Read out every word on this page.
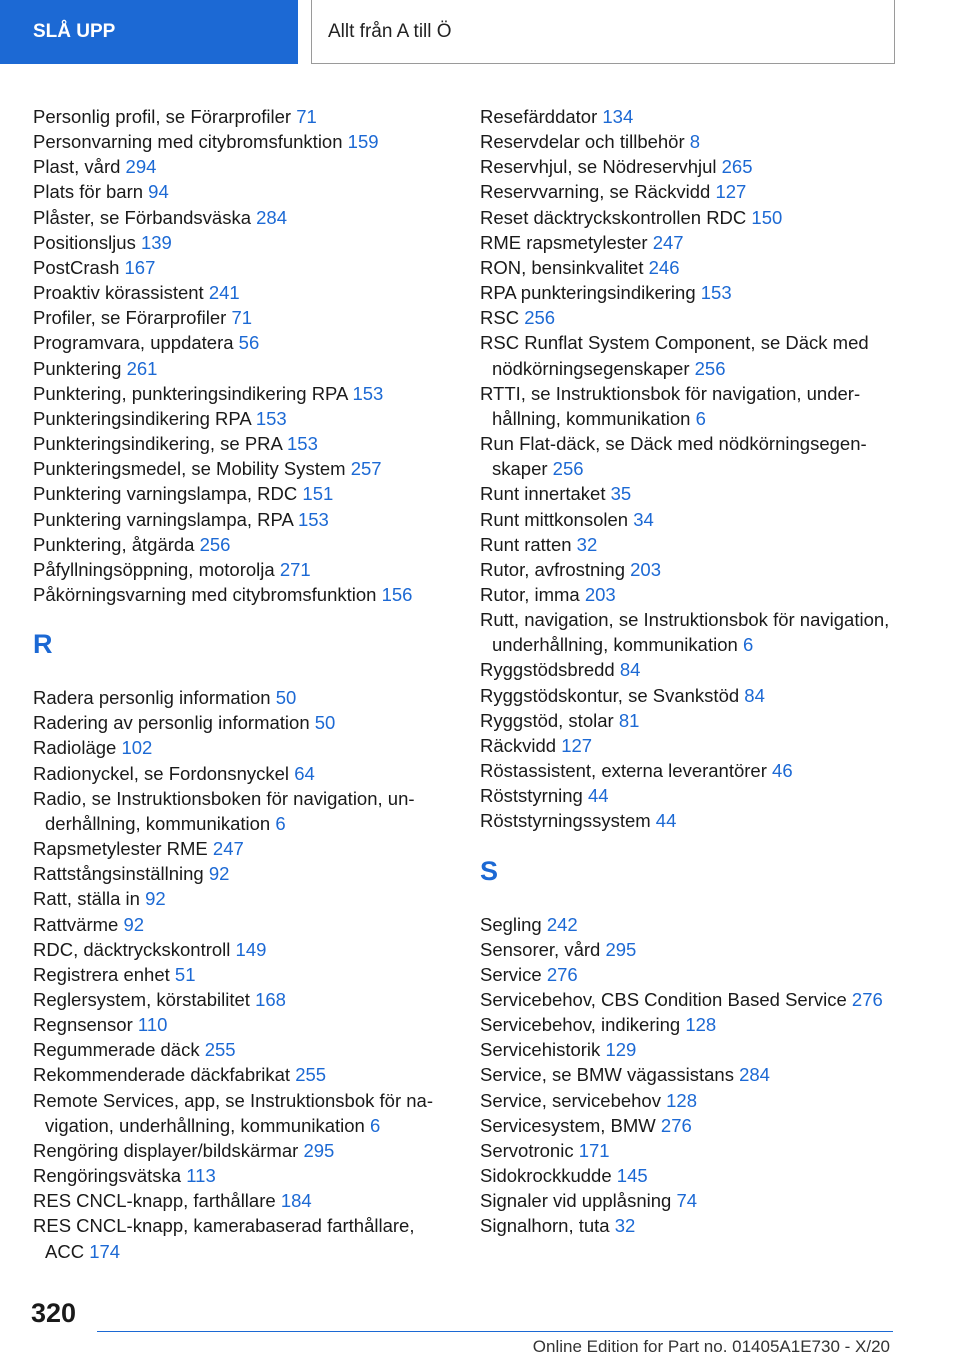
SLÅ UPP	Allt från A till Ö

Personlig profil, se Förarprofiler 71

Personvarning med citybromsfunktion 159

Plast, vård 294

Plats för barn 94

Plåster, se Förbandsväska 284

Positionsljus 139

PostCrash 167

Proaktiv körassistent 241

Profiler, se Förarprofiler 71

Programvara, uppdatera 56

Punktering 261

Punktering, punkteringsindikering RPA 153

Punkteringsindikering RPA 153

Punkteringsindikering, se PRA 153

Punkteringsmedel, se Mobility System 257

Punktering varningslampa, RDC 151

Punktering varningslampa, RPA 153

Punktering, åtgärda 256

Påfyllningsöppning, motorolja 271

Påkörningsvarning med citybromsfunktion 156

R

Radera personlig information 50

Radering av personlig information 50

Radioläge 102

Radionyckel, se Fordonsnyckel 64

Radio, se Instruktionsboken för navigation, underhållning, kommunikation 6

Rapsmetylester RME 247

Rattstångsinställning 92

Ratt, ställa in 92

Rattvärme 92

RDC, däcktryckskontroll 149

Registrera enhet 51

Reglersystem, körstabilitet 168

Regnsensor 110

Regummerade däck 255

Rekommenderade däckfabrikat 255

Remote Services, app, se Instruktionsbok för navigation, underhållning, kommunikation 6

Rengöring displayer/bildskärmar 295

Rengöringsvätska 113

RES CNCL-knapp, farthållare 184

RES CNCL-knapp, kamerabaserad farthållare, ACC 174

Resefärddator 134

Reservdelar och tillbehör 8

Reservhjul, se Nödreservhjul 265

Reservvarning, se Räckvidd 127

Reset däcktryckskontrollen RDC 150

RME rapsmetylester 247

RON, bensinkvalitet 246

RPA punkteringsindikering 153

RSC 256

RSC Runflat System Component, se Däck med nödkörningsegenskaper 256

RTTI, se Instruktionsbok för navigation, underhållning, kommunikation 6

Run Flat-däck, se Däck med nödkörningsegenskaper 256

Runt innertaket 35

Runt mittkonsolen 34

Runt ratten 32

Rutor, avfrostning 203

Rutor, imma 203

Rutt, navigation, se Instruktionsbok för navigation, underhållning, kommunikation 6

Ryggstödsbredd 84

Ryggstödskontur, se Svankstöd 84

Ryggstöd, stolar 81

Räckvidd 127

Röstassistent, externa leverantörer 46

Röststyrning 44

Röststyrningssystem 44

S

Segling 242

Sensorer, vård 295

Service 276

Servicebehov, CBS Condition Based Service 276

Servicebehov, indikering 128

Servicehistorik 129

Service, se BMW vägassistans 284

Service, servicebehov 128

Servicesystem, BMW 276

Servotronic 171

Sidokrockkudde 145

Signaler vid upplåsning 74

Signalhorn, tuta 32

320
Online Edition for Part no. 01405A1E730 - X/20
